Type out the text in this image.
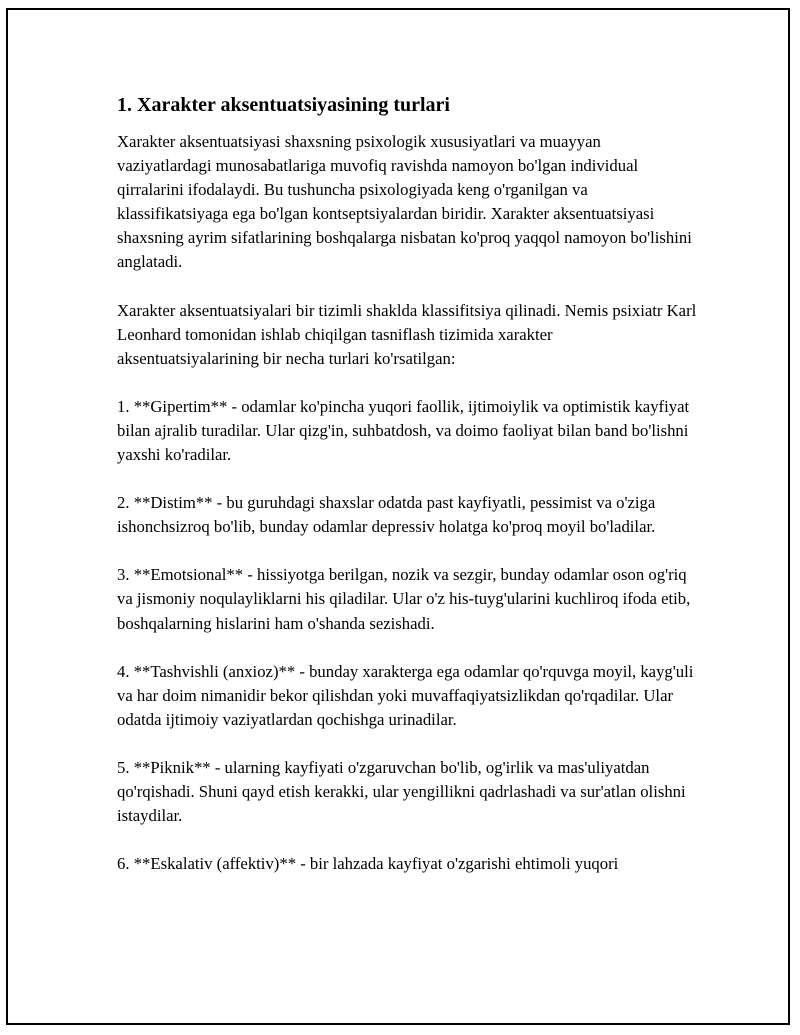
1. Xarakter aksentuatsiyasining turlari

Xarakter aksentuatsiyasi shaxsning psixologik xususiyatlari va muayyan vaziyatlardagi munosabatlariga muvofiq ravishda namoyon bo'lgan individual qirralarini ifodalaydi. Bu tushuncha psixologiyada keng o'rganilgan va klassifikatsiyaga ega bo'lgan kontseptsiyalardan biridir. Xarakter aksentuatsiyasi shaxsning ayrim sifatlarining boshqalarga nisbatan ko'proq yaqqol namoyon bo'lishini anglatadi.

Xarakter aksentuatsiyalari bir tizimli shaklda klassifitsiya qilinadi. Nemis psixiatr Karl Leonhard tomonidan ishlab chiqilgan tasniflash tizimida xarakter aksentuatsiyalarining bir necha turlari ko'rsatilgan:

1. **Gipertim** - odamlar ko'pincha yuqori faollik, ijtimoiylik va optimistik kayfiyat bilan ajralib turadilar. Ular qizg'in, suhbatdosh, va doimo faoliyat bilan band bo'lishni yaxshi ko'radilar.

2. **Distim** - bu guruhdagi shaxslar odatda past kayfiyatli, pessimist va o'ziga ishonchsizroq bo'lib, bunday odamlar depressiv holatga ko'proq moyil bo'ladilar.

3. **Emotsional** - hissiyotga berilgan, nozik va sezgir, bunday odamlar oson og'riq va jismoniy noqulayliklarni his qiladilar. Ular o'z his-tuyg'ularini kuchliroq ifoda etib, boshqalarning hislarini ham o'shanda sezishadi.

4. **Tashvishli (anxioz)** - bunday xarakterga ega odamlar qo'rquvga moyil, kayg'uli va har doim nimanidir bekor qilishdan yoki muvaffaqiyatsizlikdan qo'rqadilar. Ular odatda ijtimoiy vaziyatlardan qochishga urinadilar.

5. **Piknik** - ularning kayfiyati o'zgaruvchan bo'lib, og'irlik va mas'uliyatdan qo'rqishadi. Shuni qayd etish kerakki, ular yengillikni qadrlashadi va sur'atlan olishni istaydilar.

6. **Eskalativ (affektiv)** - bir lahzada kayfiyat o'zgarishi ehtimoli yuqori
